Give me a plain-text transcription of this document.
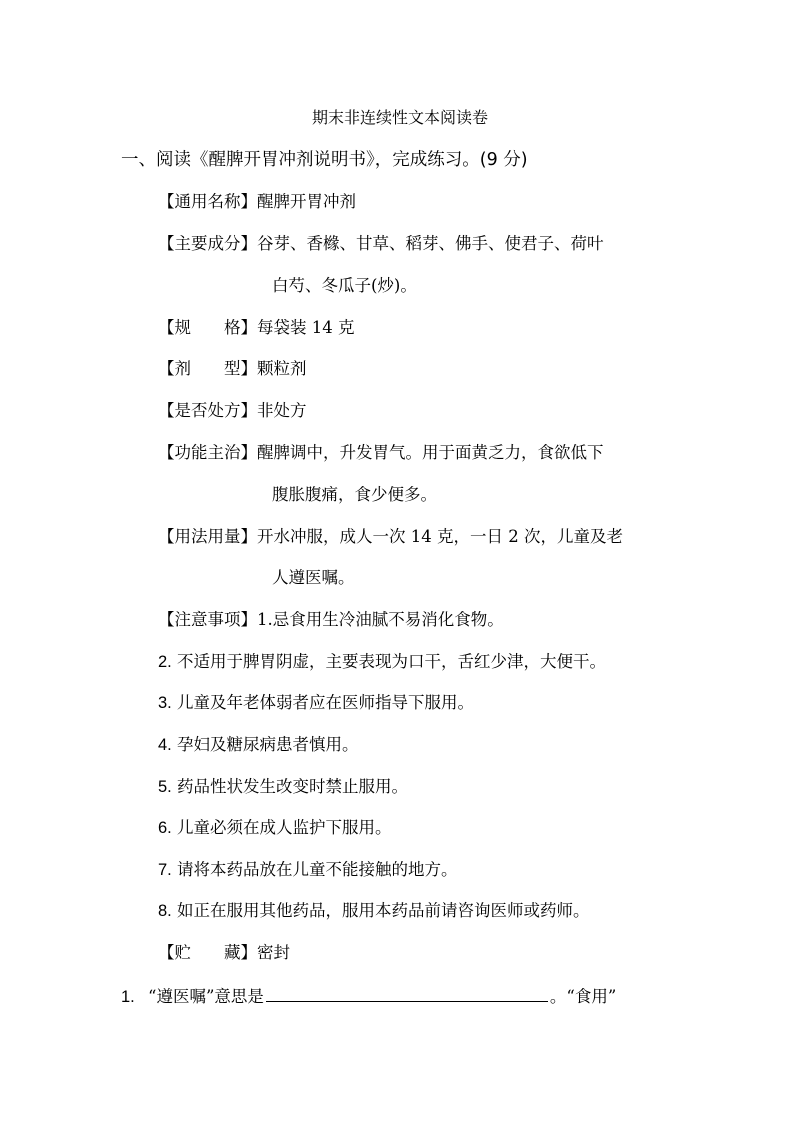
期末非连续性文本阅读卷
一、阅读《醒脾开胃冲剂说明书》，完成练习。(9 分)
【通用名称】醒脾开胃冲剂
【主要成分】谷芽、香橼、甘草、稻芽、佛手、使君子、荷叶
白芍、冬瓜子(炒)。
【规　　格】每袋装 14 克
【剂　　型】颗粒剂
【是否处方】非处方
【功能主治】醒脾调中，升发胃气。用于面黄乏力，食欲低下
腹胀腹痛，食少便多。
【用法用量】开水冲服，成人一次 14 克，一日 2 次，儿童及老
人遵医嘱。
【注意事项】1.忌食用生冷油腻不易消化食物。
2. 不适用于脾胃阴虚，主要表现为口干，舌红少津，大便干。
3. 儿童及年老体弱者应在医师指导下服用。
4. 孕妇及糖尿病患者慎用。
5. 药品性状发生改变时禁止服用。
6. 儿童必须在成人监护下服用。
7. 请将本药品放在儿童不能接触的地方。
8. 如正在服用其他药品，服用本药品前请咨询医师或药师。
【贮　　藏】密封
1. “遵医嘱”意思是	。“食用”
